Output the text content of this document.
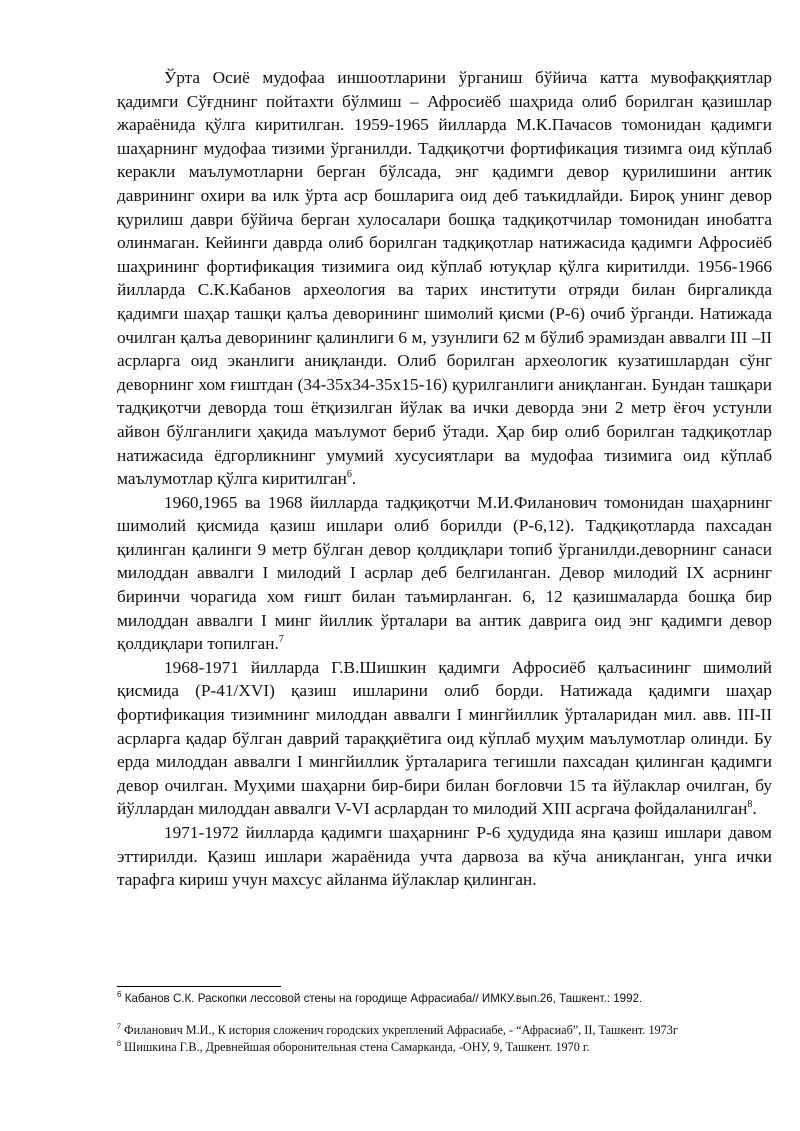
Ўрта Осиё мудофаа иншоотларини ўрганиш бўйича катта мувофаққиятлар қадимги Сўғднинг пойтахти бўлмиш – Афросиёб шаҳрида олиб борилган қазишлар жараёнида қўлга киритилган. 1959-1965 йилларда М.К.Пачасов томонидан қадимги шаҳарнинг мудофаа тизими ўрганилди. Тадқиқотчи фортификация тизимга оид кўплаб керакли маълумотларни берган бўлсада, энг қадимги девор қурилишини антик даврининг охири ва илк ўрта аср бошларига оид деб таъкидлайди. Бироқ унинг девор қурилиш даври бўйича берган хулосалари бошқа тадқиқотчилар томонидан инобатга олинмаган. Кейинги даврда олиб борилган тадқиқотлар натижасида қадимги Афросиёб шаҳрининг фортификация тизимига оид кўплаб ютуқлар қўлга киритилди. 1956-1966 йилларда С.К.Кабанов археология ва тарих институти отряди билан биргаликда қадимги шаҳар ташқи қалъа деворининг шимолий қисми (Р-6) очиб ўрганди. Натижада очилган қалъа деворининг қалинлиги 6 м, узунлиги 62 м бўлиб эрамиздан аввалги III –II асрларга оид эканлиги аниқланди. Олиб борилган археологик кузатишлардан сўнг девoрнинг хом ғиштдан (34-35х34-35х15-16) қурилганлиги аниқланган. Бундан ташқари тадқиқотчи деворда тош ётқизилган йўлак ва ички деворда эни 2 метр ёғоч устунли айвон бўлганлиги ҳақида маълумот бериб ўтади. Ҳар бир олиб борилган тадқиқотлар натижасида ёдгорликнинг умумий хусусиятлари ва мудофаа тизимига оид кўплаб маълумотлар қўлга киритилган$^6$.

1960,1965 ва 1968 йилларда тадқиқотчи М.И.Филанович томонидан шаҳарнинг шимолий қисмида қазиш ишлари олиб борилди (Р-6,12). Тадқиқотларда пахсадан қилинган қалинги 9 метр бўлган девор қолдиқлари топиб ўрганилди.деворнинг санаси милоддан аввалги I милодий I асрлар деб белгиланган. Девор милодий IХ асрнинг биринчи чорагида хом ғишт билан таъмирланган. 6, 12 қазишмаларда бошқа бир милоддан аввалги I минг йиллик ўрталари ва антик даврига оид энг қадимги девор қолдиқлари топилган.$^7$

1968-1971 йилларда Г.В.Шишкин қадимги Афросиёб қалъасининг шимолий қисмида (Р-41/ХVI) қазиш ишларини олиб борди. Натижада қадимги шаҳар фортификация тизимнинг милоддан аввалги I мингйиллик ўрталаридан мил. авв. III-II асрларга қадар бўлган даврий тараққиётига оид кўплаб муҳим маълумотлар олинди. Бу ерда милоддан аввалги I мингйиллик ўрталарига тегишли пахсадан қилинган қадимги девор очилган. Муҳими шаҳарни бир-бири билан боғловчи 15 та йўлаклар очилган, бу йўллардан милоддан аввалги V-VI асрлардан то милодий XIII асргача фойдаланилган$^8$.

1971-1972 йилларда қадимги шаҳарнинг Р-6 ҳудудида яна қазиш ишлари давом эттирилди. Қазиш ишлари жараёнида учта дарвоза ва кўча аниқланган, унга ички тарафга кириш учун махсус айланма йўлаклар қилинган.

$^6$ Кабанов С.К. Раскопки лессовой стены на городище Афрасиаба// ИМКУ.вып.26, Ташкент.: 1992.
$^7$ Филанович М.И., К история сложенич городских укреплений Афрасиабе, - “Афрасиаб”, II, Ташкент. 1973г
$^8$ Шишкина Г.В., Древнейшая оборонительная стена Самарканда, -ОНУ, 9, Ташкент. 1970 г.
